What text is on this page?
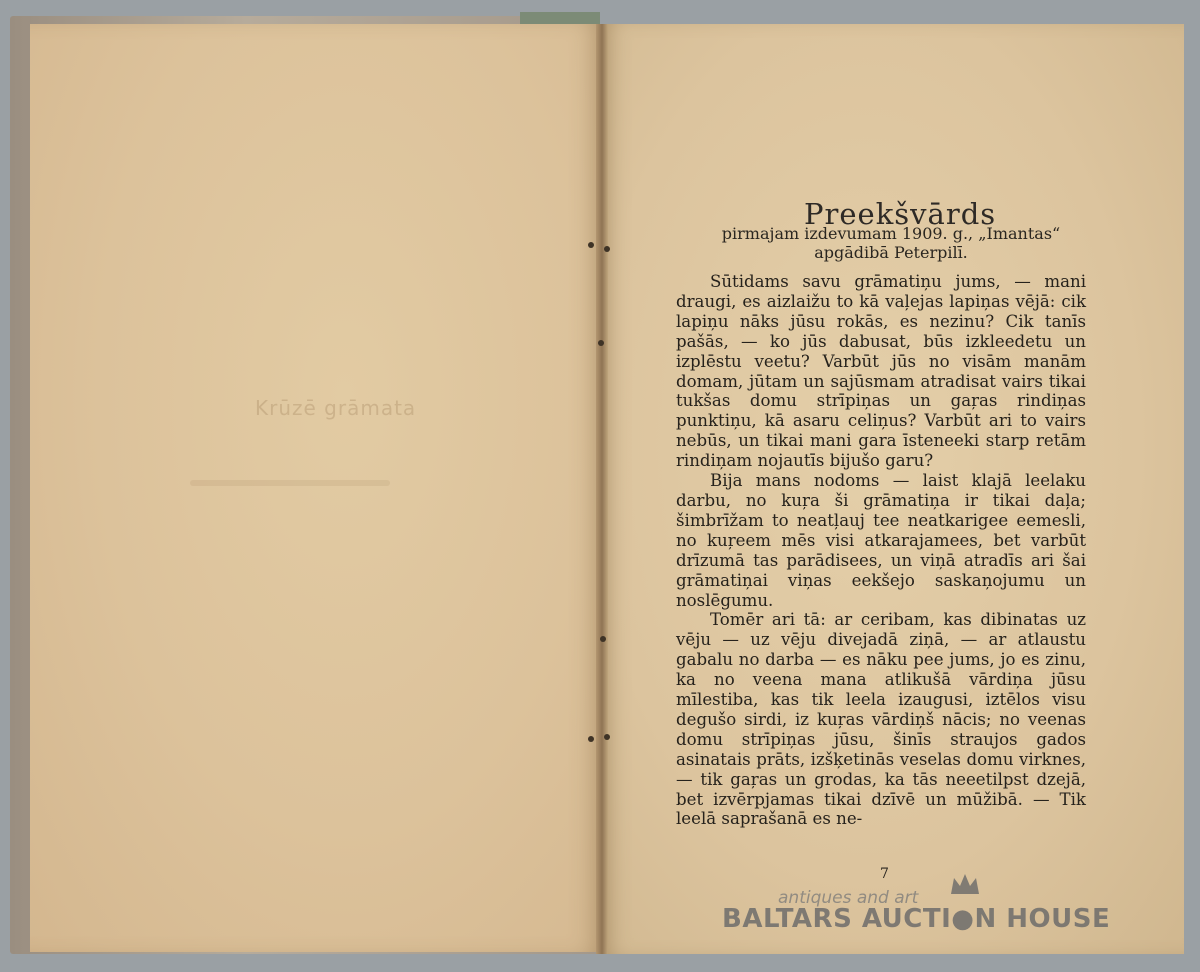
Krūzē grāmata
Preekšvārds
pirmajam izdevumam 1909. g., „Imantas“
apgādibā Peterpilī.

Sūtidams savu grāmatiņu jums, — mani draugi, es aizlaižu to kā vaļejas lapiņas vējā: cik lapiņu nāks jūsu rokās, es nezinu? Cik tanīs pašās, — ko jūs dabusat, būs izkleedetu un izplēstu veetu? Varbūt jūs no visām manām domam, jūtam un sajūsmam atradisat vairs tikai tukšas domu strīpiņas un gaŗas rindiņas punktiņu, kā asaru celiņus? Varbūt ari to vairs nebūs, un tikai mani gara īsteneeki starp retām rindiņam nojautīs bijušo garu?

Bija mans nodoms — laist klajā leelaku darbu, no kuŗa ši grāmatiņa ir tikai daļa; šimbrīžam to neatļauj tee neatkarigee eemesli, no kuŗeem mēs visi atkarajamees, bet varbūt drīzumā tas parādisees, un viņā atradīs ari šai grāmatiņai viņas eekšejo saskaņojumu un noslēgumu.

Tomēr ari tā: ar ceribam, kas dibinatas uz vēju — uz vēju divejadā ziņā, — ar atlaustu gabalu no darba — es nāku pee jums, jo es zinu, ka no veena mana atlikušā vārdiņa jūsu mīlestiba, kas tik leela izaugusi, iztēlos visu degušo sirdi, iz kuŗas vārdiņš nācis; no veenas domu strīpiņas jūsu, šinīs straujos gados asinatais prāts, izšķetinās veselas domu virknes, — tik gaŗas un grodas, ka tās neeetilpst dzejā, bet izvērpjamas tikai dzīvē un mūžibā. — Tik leelā saprašanā es ne-

7
antiques and art
BALTARS AUCTI●N HOUSE
